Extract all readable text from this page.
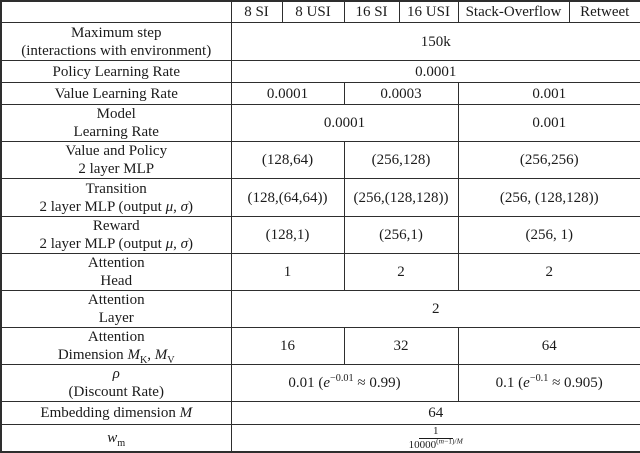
	8 SI	8 USI	16 SI	16 USI	Stack-Overflow	Retweet

Maximum step
(interactions with environment)	150k					

Policy Learning Rate	0.0001					

Value Learning Rate	0.0001		0.0003		0.001	

Model
Learning Rate	0.0001				0.001	

Value and Policy
2 layer MLP	(128,64)		(256,128)		(256,256)	

Transition
2 layer MLP (output μ, σ)	(128,(64,64))		(256,(128,128))		(256, (128,128))	

Reward
2 layer MLP (output μ, σ)	(128,1)		(256,1)		(256, 1)	

Attention
Head	1		2		2	

Attention
Layer	2					

Attention
Dimension $M_K$, $M_V$	16		32		64	

ρ
(Discount Rate)	0.01 $(e^{-0.01} \approx 0.99)$				0.1 $(e^{-0.1} \approx 0.905)$	

Embedding dimension M	64					

$w_m$	$\frac{1}{10000^{(m-1)/M}}$
